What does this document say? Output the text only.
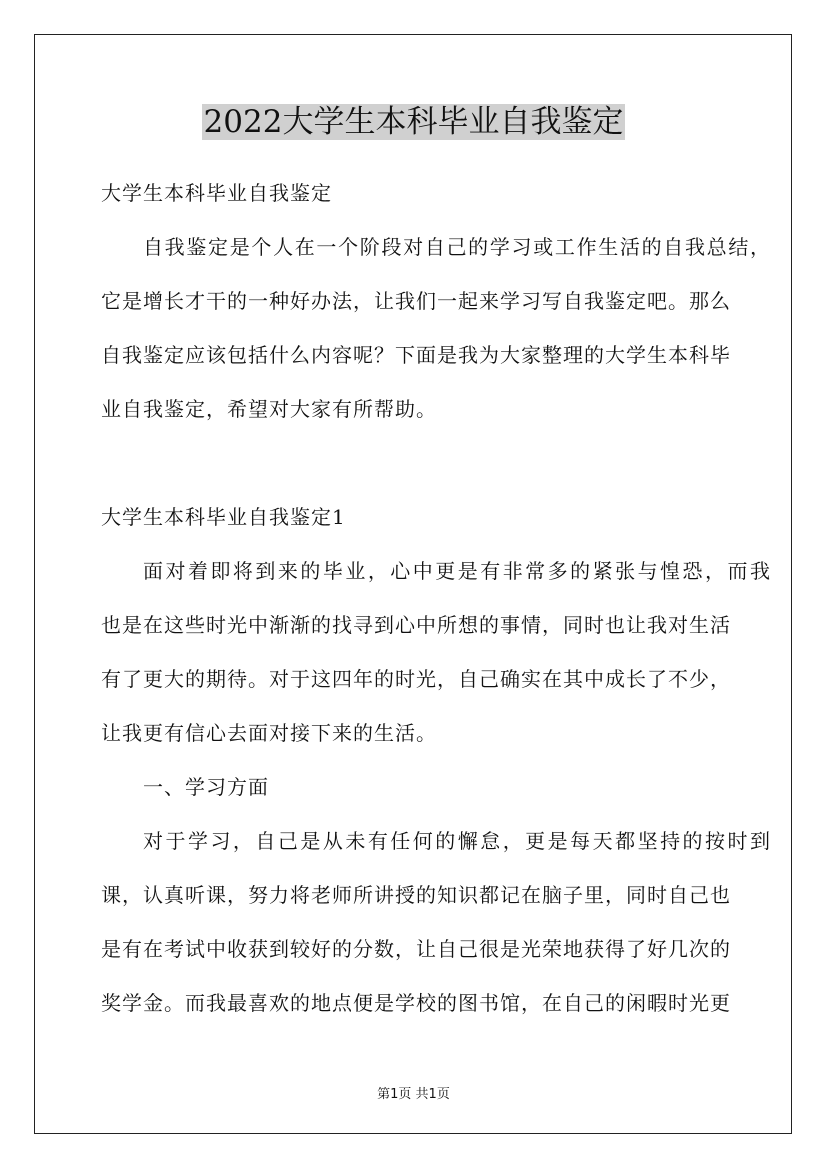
2022大学生本科毕业自我鉴定
大学生本科毕业自我鉴定
自我鉴定是个人在一个阶段对自己的学习或工作生活的自我总结，
它是增长才干的一种好办法，让我们一起来学习写自我鉴定吧。那么
自我鉴定应该包括什么内容呢？下面是我为大家整理的大学生本科毕
业自我鉴定，希望对大家有所帮助。
大学生本科毕业自我鉴定1
面对着即将到来的毕业，心中更是有非常多的紧张与惶恐，而我
也是在这些时光中渐渐的找寻到心中所想的事情，同时也让我对生活
有了更大的期待。对于这四年的时光，自己确实在其中成长了不少，
让我更有信心去面对接下来的生活。
一、学习方面
对于学习，自己是从未有任何的懈怠，更是每天都坚持的按时到
课，认真听课，努力将老师所讲授的知识都记在脑子里，同时自己也
是有在考试中收获到较好的分数，让自己很是光荣地获得了好几次的
奖学金。而我最喜欢的地点便是学校的图书馆，在自己的闲暇时光更
第1页 共1页
